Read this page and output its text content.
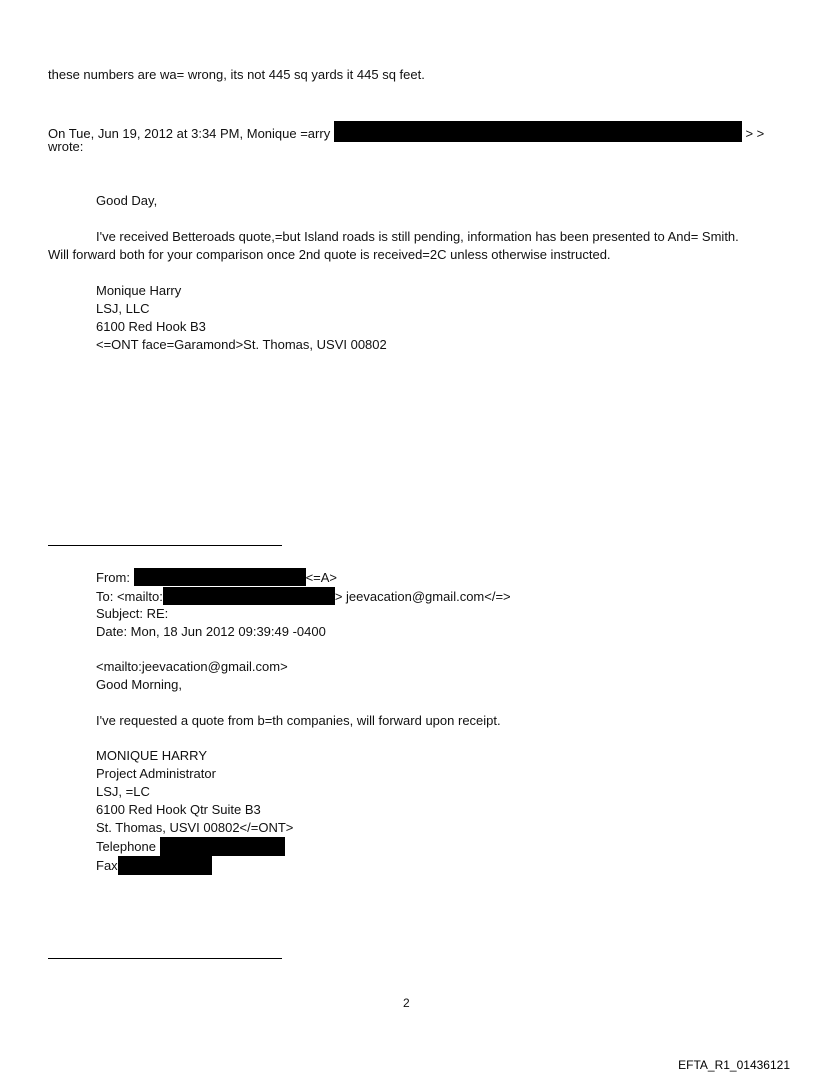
these numbers are wa= wrong, its not 445 sq yards it 445 sq feet.
On Tue, Jun 19, 2012 at 3:34 PM, Monique =arry	> >
wrote:
Good Day,
I've received Betteroads quote,=but Island roads is still pending, information has been presented to And= Smith.
Will forward both for your comparison once 2nd quote is received=2C unless otherwise instructed.
Monique Harry
LSJ, LLC
6100 Red Hook B3
<=ONT face=Garamond>St. Thomas, USVI 00802
From:	<=A>
To: <mailto:	> jeevacation@gmail.com</=>
Subject: RE:
Date: Mon, 18 Jun 2012 09:39:49 -0400
<mailto:jeevacation@gmail.com>
Good Morning,
I've requested a quote from b=th companies, will forward upon receipt.
MONIQUE HARRY
Project Administrator
LSJ, =LC
6100 Red Hook Qtr Suite B3
St. Thomas, USVI 00802</=ONT>
Telephone
Fax
2
EFTA_R1_01436121
